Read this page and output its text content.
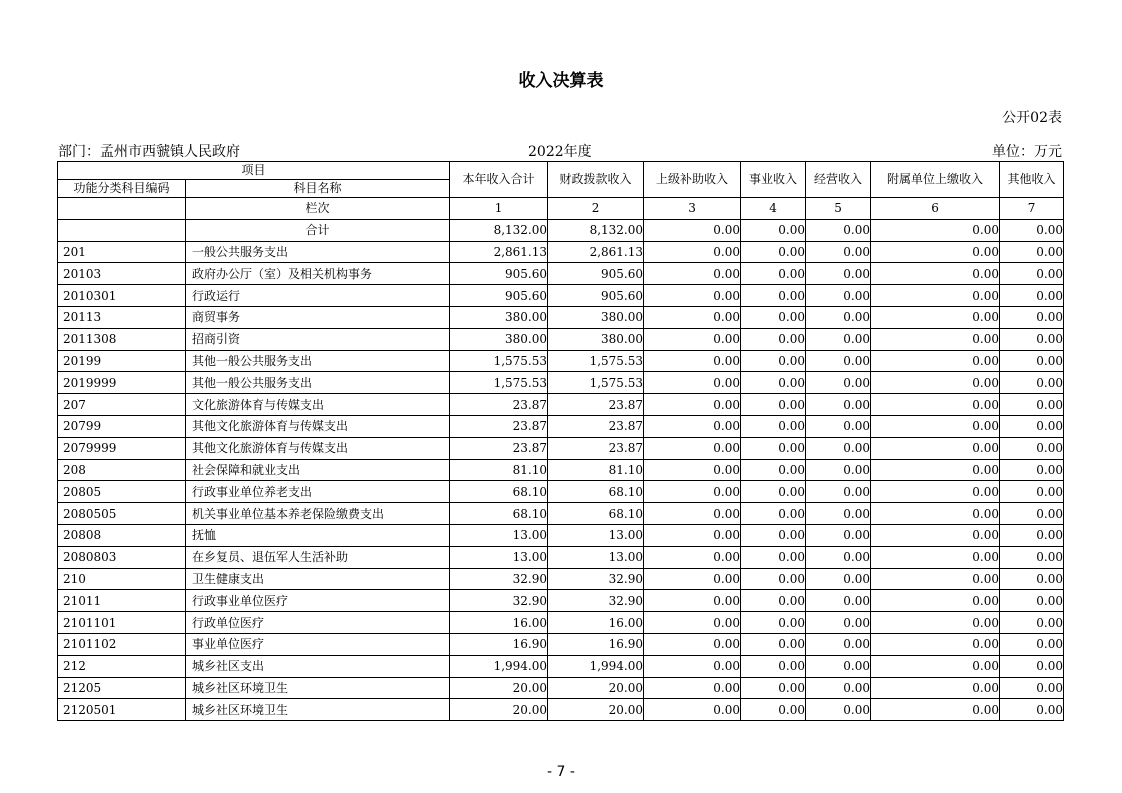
收入决算表
公开02表
部门：孟州市西虢镇人民政府	2022年度	单位：万元
项目		本年收入合计	财政拨款收入	上级补助收入	事业收入	经营收入	附属单位上缴收入	其他收入
功能分类科目编码	科目名称							
	栏次	1	2	3	4	5	6	7
	合计	8,132.00	8,132.00	0.00	0.00	0.00	0.00	0.00
201	一般公共服务支出	2,861.13	2,861.13	0.00	0.00	0.00	0.00	0.00
20103	政府办公厅（室）及相关机构事务	905.60	905.60	0.00	0.00	0.00	0.00	0.00
2010301	行政运行	905.60	905.60	0.00	0.00	0.00	0.00	0.00
20113	商贸事务	380.00	380.00	0.00	0.00	0.00	0.00	0.00
2011308	招商引资	380.00	380.00	0.00	0.00	0.00	0.00	0.00
20199	其他一般公共服务支出	1,575.53	1,575.53	0.00	0.00	0.00	0.00	0.00
2019999	其他一般公共服务支出	1,575.53	1,575.53	0.00	0.00	0.00	0.00	0.00
207	文化旅游体育与传媒支出	23.87	23.87	0.00	0.00	0.00	0.00	0.00
20799	其他文化旅游体育与传媒支出	23.87	23.87	0.00	0.00	0.00	0.00	0.00
2079999	其他文化旅游体育与传媒支出	23.87	23.87	0.00	0.00	0.00	0.00	0.00
208	社会保障和就业支出	81.10	81.10	0.00	0.00	0.00	0.00	0.00
20805	行政事业单位养老支出	68.10	68.10	0.00	0.00	0.00	0.00	0.00
2080505	机关事业单位基本养老保险缴费支出	68.10	68.10	0.00	0.00	0.00	0.00	0.00
20808	抚恤	13.00	13.00	0.00	0.00	0.00	0.00	0.00
2080803	在乡复员、退伍军人生活补助	13.00	13.00	0.00	0.00	0.00	0.00	0.00
210	卫生健康支出	32.90	32.90	0.00	0.00	0.00	0.00	0.00
21011	行政事业单位医疗	32.90	32.90	0.00	0.00	0.00	0.00	0.00
2101101	行政单位医疗	16.00	16.00	0.00	0.00	0.00	0.00	0.00
2101102	事业单位医疗	16.90	16.90	0.00	0.00	0.00	0.00	0.00
212	城乡社区支出	1,994.00	1,994.00	0.00	0.00	0.00	0.00	0.00
21205	城乡社区环境卫生	20.00	20.00	0.00	0.00	0.00	0.00	0.00
2120501	城乡社区环境卫生	20.00	20.00	0.00	0.00	0.00	0.00	0.00
- 7 -
